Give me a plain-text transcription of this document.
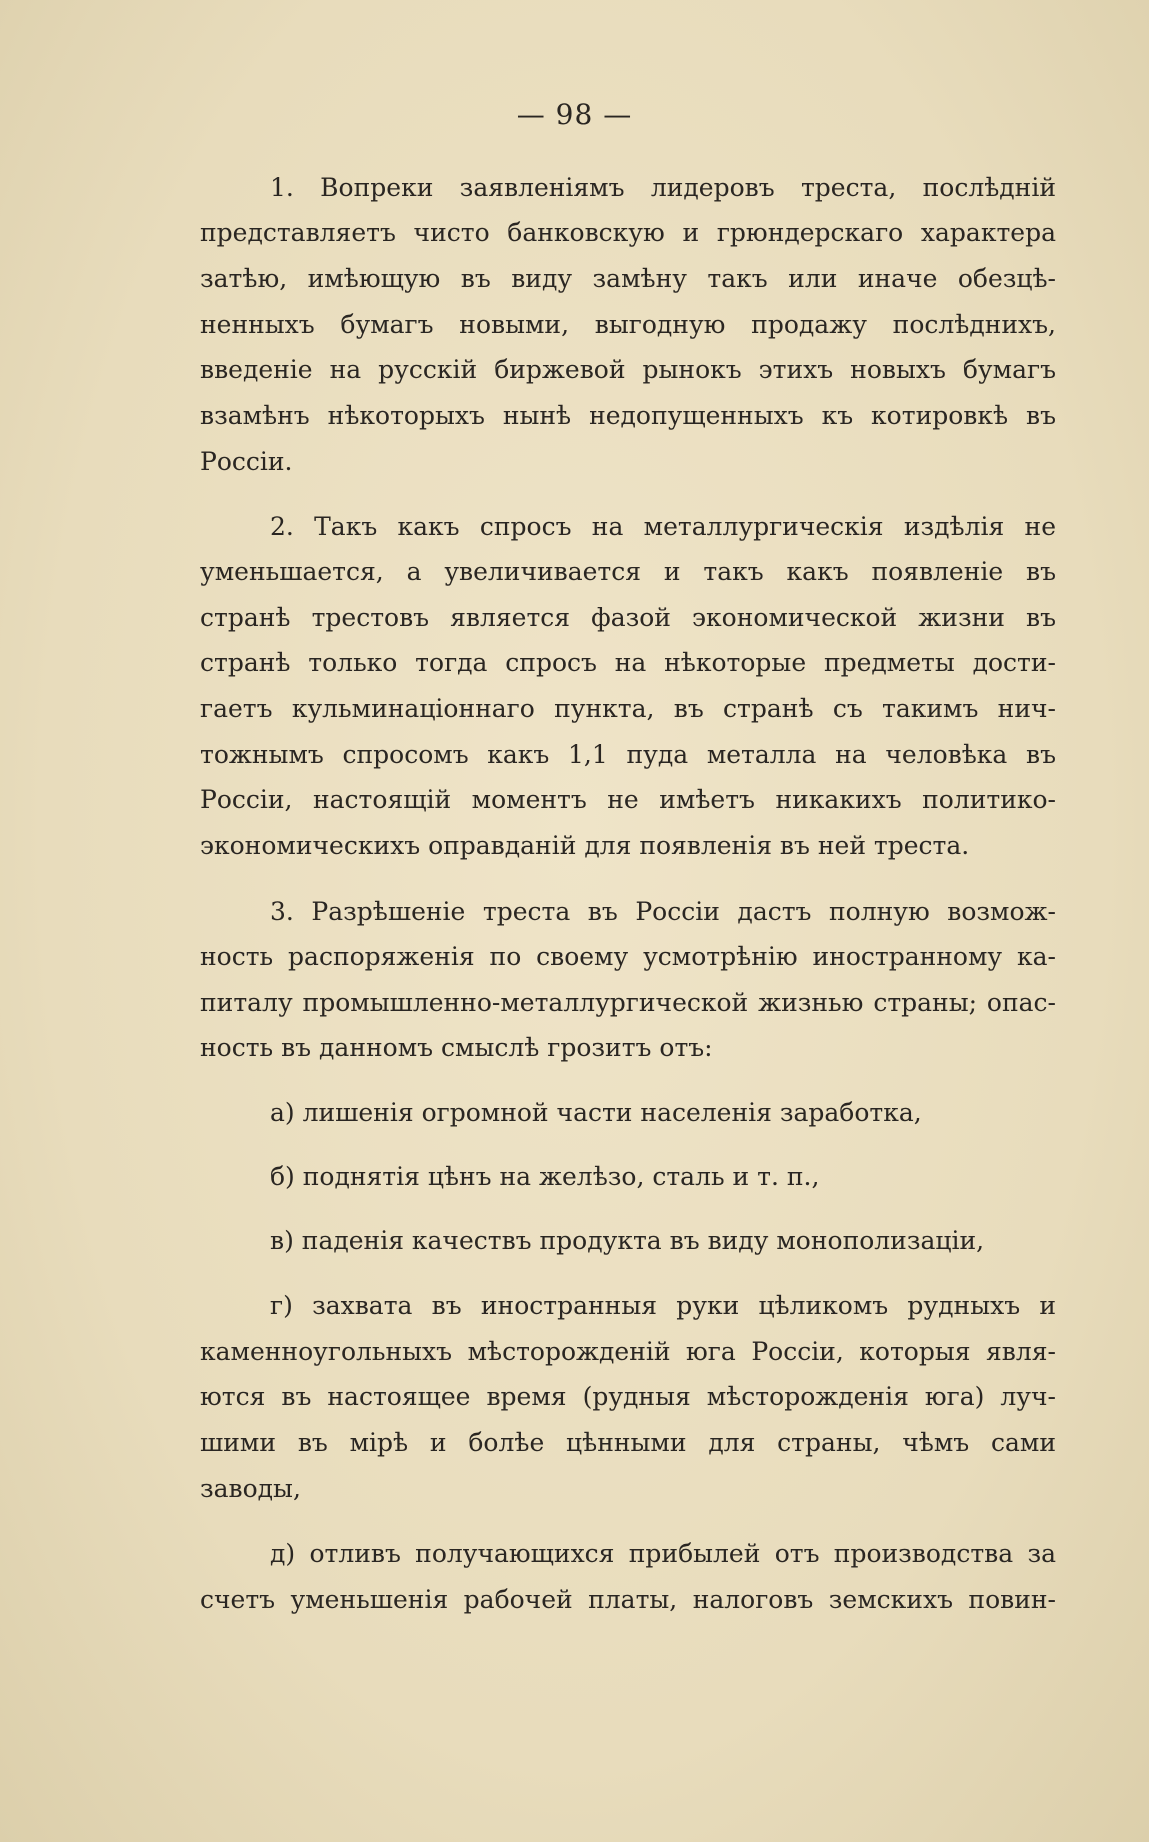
— 98 —
1. Вопреки заявленіямъ лидеровъ треста, послѣдній
представляетъ чисто банковскую и грюндерскаго характера
затѣю, имѣющую въ виду замѣну такъ или иначе обезцѣ-
ненныхъ бумагъ новыми, выгодную продажу послѣднихъ,
введеніе на русскій биржевой рынокъ этихъ новыхъ бумагъ
взамѣнъ нѣкоторыхъ нынѣ недопущенныхъ къ котировкѣ въ
Россіи.
2. Такъ какъ спросъ на металлургическія издѣлія не
уменьшается, а увеличивается и такъ какъ появленіе въ
странѣ трестовъ является фазой экономической жизни въ
странѣ только тогда спросъ на нѣкоторые предметы дости-
гаетъ кульминаціоннаго пункта, въ странѣ съ такимъ нич-
тожнымъ спросомъ какъ 1,1 пуда металла на человѣка въ
Россіи, настоящій моментъ не имѣетъ никакихъ политико-
экономическихъ оправданій для появленія въ ней треста.
3. Разрѣшеніе треста въ Россіи дастъ полную возмож-
ность распоряженія по своему усмотрѣнію иностранному ка-
питалу промышленно-металлургической жизнью страны; опас-
ность въ данномъ смыслѣ грозитъ отъ:
а) лишенія огромной части населенія заработка,
б) поднятія цѣнъ на желѣзо, сталь и т. п.,
в) паденія качествъ продукта въ виду монополизаціи,
г) захвата въ иностранныя руки цѣликомъ рудныхъ и
каменноугольныхъ мѣсторожденій юга Россіи, которыя явля-
ются въ настоящее время (рудныя мѣсторожденія юга) луч-
шими въ мірѣ и болѣе цѣнными для страны, чѣмъ сами
заводы,
д) отливъ получающихся прибылей отъ производства за
счетъ уменьшенія рабочей платы, налоговъ земскихъ повин-
